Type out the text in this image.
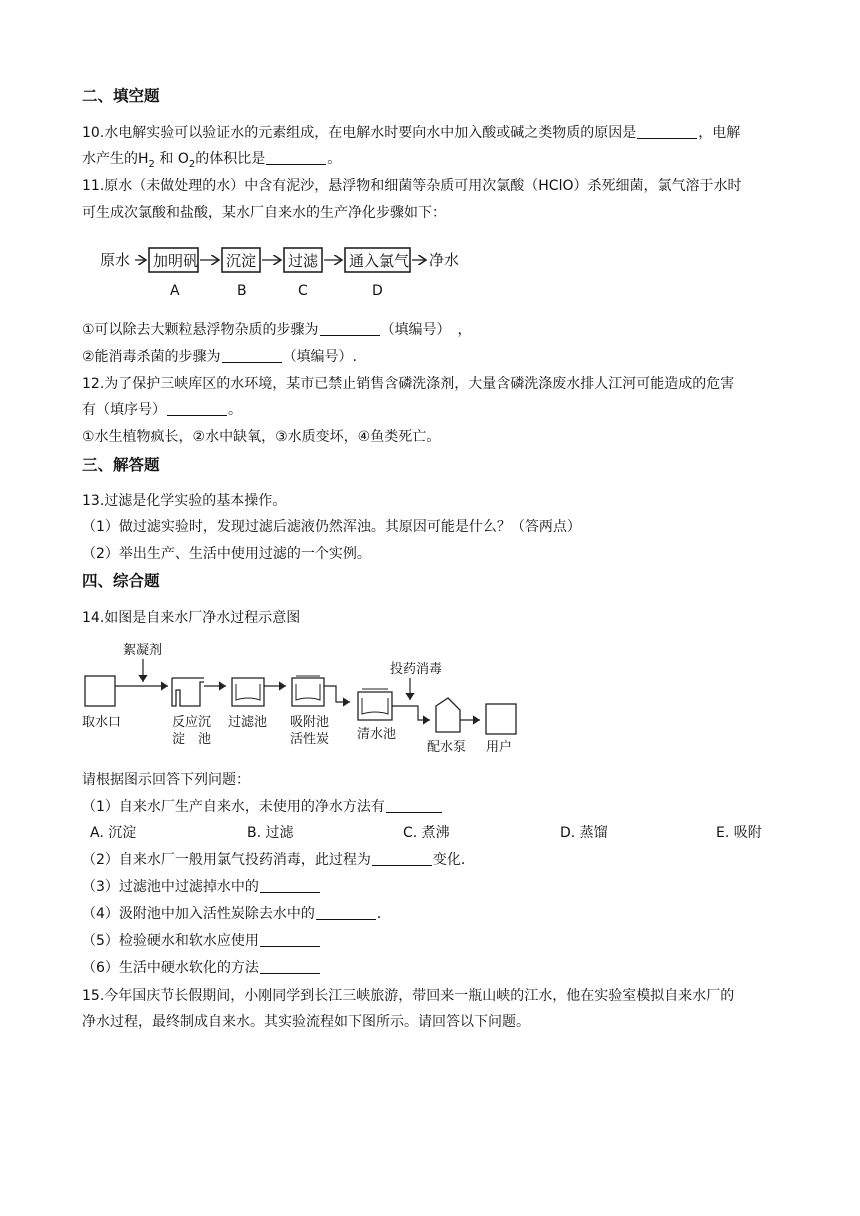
二、填空题
10.水电解实验可以验证水的元素组成，在电解水时要向水中加入酸或碱之类物质的原因是	，电解
水产生的$H_2$ 和 $O_2$的体积比是	。
11.原水（未做处理的水）中含有泥沙，悬浮物和细菌等杂质可用次氯酸（HClO）杀死细菌，氯气溶于水时
可生成次氯酸和盐酸，某水厂自来水的生产净化步骤如下：
原水 加明矾 沉淀 过滤 通入氯气 净水
A	B	C	D
①可以除去大颗粒悬浮物杂质的步骤为	（填编号）　，
②能消毒杀菌的步骤为	（填编号）.
12.为了保护三峡库区的水环境，某市已禁止销售含磷洗涤剂，大量含磷洗涤废水排人江河可能造成的危害
有（填序号）	。
①水生植物疯长，②水中缺氧，③水质变坏，④鱼类死亡。
三、解答题
13.过滤是化学实验的基本操作。
（1）做过滤实验时，发现过滤后滤液仍然浑浊。其原因可能是什么？（答两点）
（2）举出生产、生活中使用过滤的一个实例。
四、综合题
14.如图是自来水厂净水过程示意图
絮凝剂
取水口	反应沉
淀　池
过滤池 吸附池
活性炭 清水池
投药消毒
配水泵 用户
请根据图示回答下列问题：
（1）自来水厂生产自来水，未使用的净水方法有
A. 沉淀	B. 过滤	C. 煮沸	D. 蒸馏	E. 吸附
（2）自来水厂一般用氯气投药消毒，此过程为	变化．
（3）过滤池中过滤掉水中的
（4）汲附池中加入活性炭除去水中的	．
（5）检验硬水和软水应使用
（6）生活中硬水软化的方法
15.今年国庆节长假期间，小刚同学到长江三峡旅游，带回来一瓶山峡的江水，他在实验室模拟自来水厂的
净水过程，最终制成自来水。其实验流程如下图所示。请回答以下问题。
